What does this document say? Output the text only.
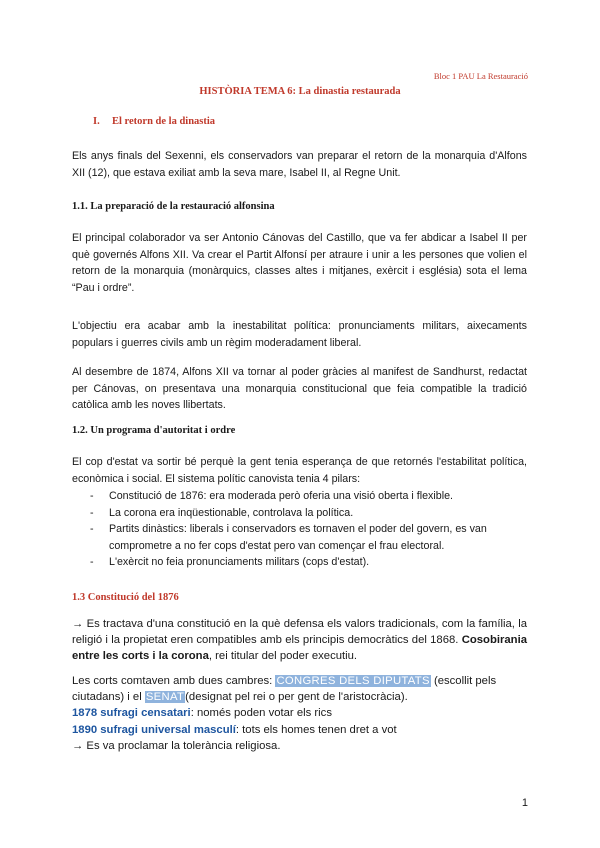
Bloc 1 PAU La Restauració
HISTÒRIA TEMA 6: La dinastia restaurada
I. El retorn de la dinastia
Els anys finals del Sexenni, els conservadors van preparar el retorn de la monarquia d'Alfons XII (12), que estava exiliat amb la seva mare, Isabel II, al Regne Unit.
1.1. La preparació de la restauració alfonsina
El principal colaborador va ser Antonio Cánovas del Castillo, que va fer abdicar a Isabel II per què governés Alfons XII. Va crear el Partit Alfonsí per atraure i unir a les persones que volien el retorn de la monarquia (monàrquics, classes altes i mitjanes, exèrcit i església) sota el lema “Pau i ordre”.
L'objectiu era acabar amb la inestabilitat política: pronunciaments militars, aixecaments populars i guerres civils amb un règim moderadament liberal.
Al desembre de 1874, Alfons XII va tornar al poder gràcies al manifest de Sandhurst, redactat per Cánovas, on presentava una monarquia constitucional que feia compatible la tradició catòlica amb les noves llibertats.
1.2. Un programa d'autoritat i ordre
El cop d'estat va sortir bé perquè la gent tenia esperança de que retornés l'estabilitat política, econòmica i social. El sistema polític canovista tenia 4 pilars:
- Constitució de 1876: era moderada però oferia una visió oberta i flexible.
- La corona era inqüestionable, controlava la política.
- Partits dinàstics: liberals i conservadors es tornaven el poder del govern, es van comprometre a no fer cops d'estat pero van començar el frau electoral.
- L'exèrcit no feia pronunciaments militars (cops d'estat).
1.3 Constitució del 1876
→ Es tractava d'una constitució en la què defensa els valors tradicionals, com la família, la religió i la propietat eren compatibles amb els principis democràtics del 1868. Cosobirania entre les corts i la corona, rei titular del poder executiu.
Les corts comtaven amb dues cambres: CONGRES DELS DIPUTATS (escollit pels ciutadans) i el SENAT(designat pel rei o per gent de l'aristocràcia).
1878 sufragi censatari: només poden votar els rics
1890 sufragi universal masculí: tots els homes tenen dret a vot
→ Es va proclamar la tolerància religiosa.
1
